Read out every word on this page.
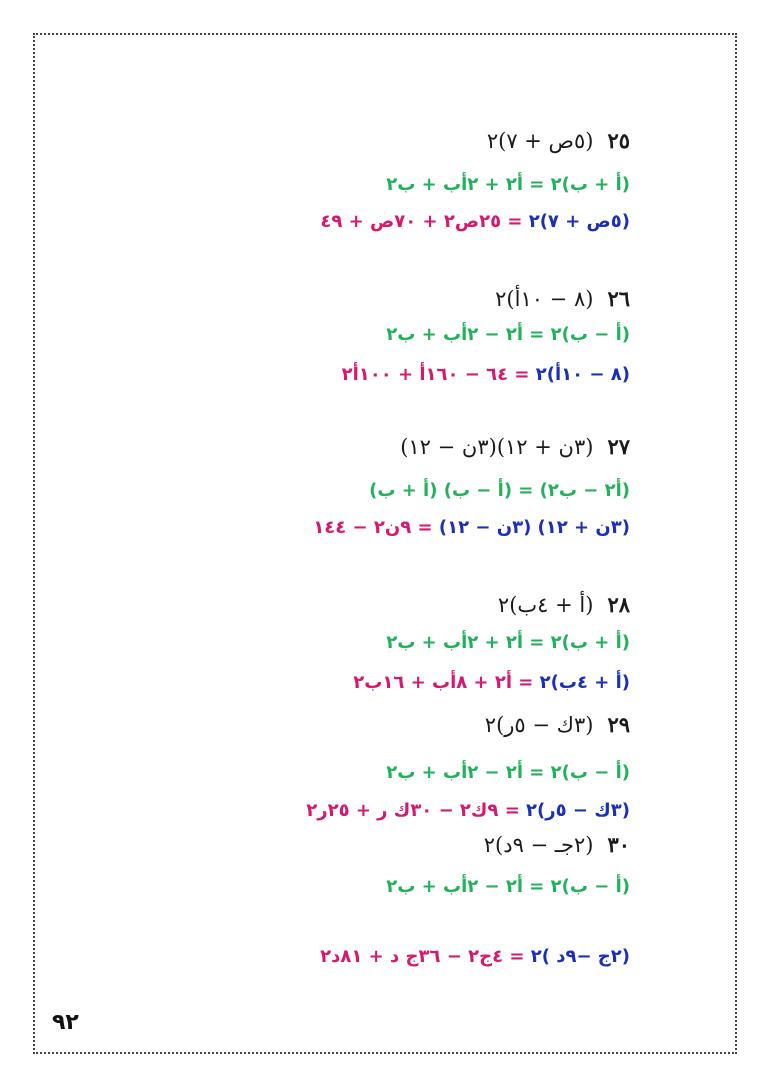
٢٥(٥ص + ٧)٢
(أ + ب)٢ = أ٢ + ٢أب + ب٢
(٥ص + ٧)٢ = ٢٥ص٢ + ٧٠ص + ٤٩
٢٦(٨ − ١٠أ)٢
(أ − ب)٢ = أ٢ − ٢أب + ب٢
(٨ − ١٠أ)٢ = ٦٤ − ١٦٠أ + ١٠٠أ٢
٢٧(٣ن + ١٢)(٣ن − ١٢)
(أ٢ − ب٢) = (أ − ب) (أ + ب)
(٣ن + ١٢) (٣ن − ١٢) = ٩ن٢ − ١٤٤
٢٨(أ + ٤ب)٢
(أ + ب)٢ = أ٢ + ٢أب + ب٢
(أ + ٤ب)٢ = أ٢ + ٨أب + ١٦ب٢
٢٩(٣ك − ٥ر)٢
(أ − ب)٢ = أ٢ − ٢أب + ب٢
(٣ك − ٥ر)٢ = ٩ك٢ − ٣٠ك ر + ٢٥ر٢
٣٠(٢جـ − ٩د)٢
(أ − ب)٢ = أ٢ − ٢أب + ب٢
(٢ج −٩د )٢ = ٤ج٢ − ٣٦ج د + ٨١د٢
٩٢
